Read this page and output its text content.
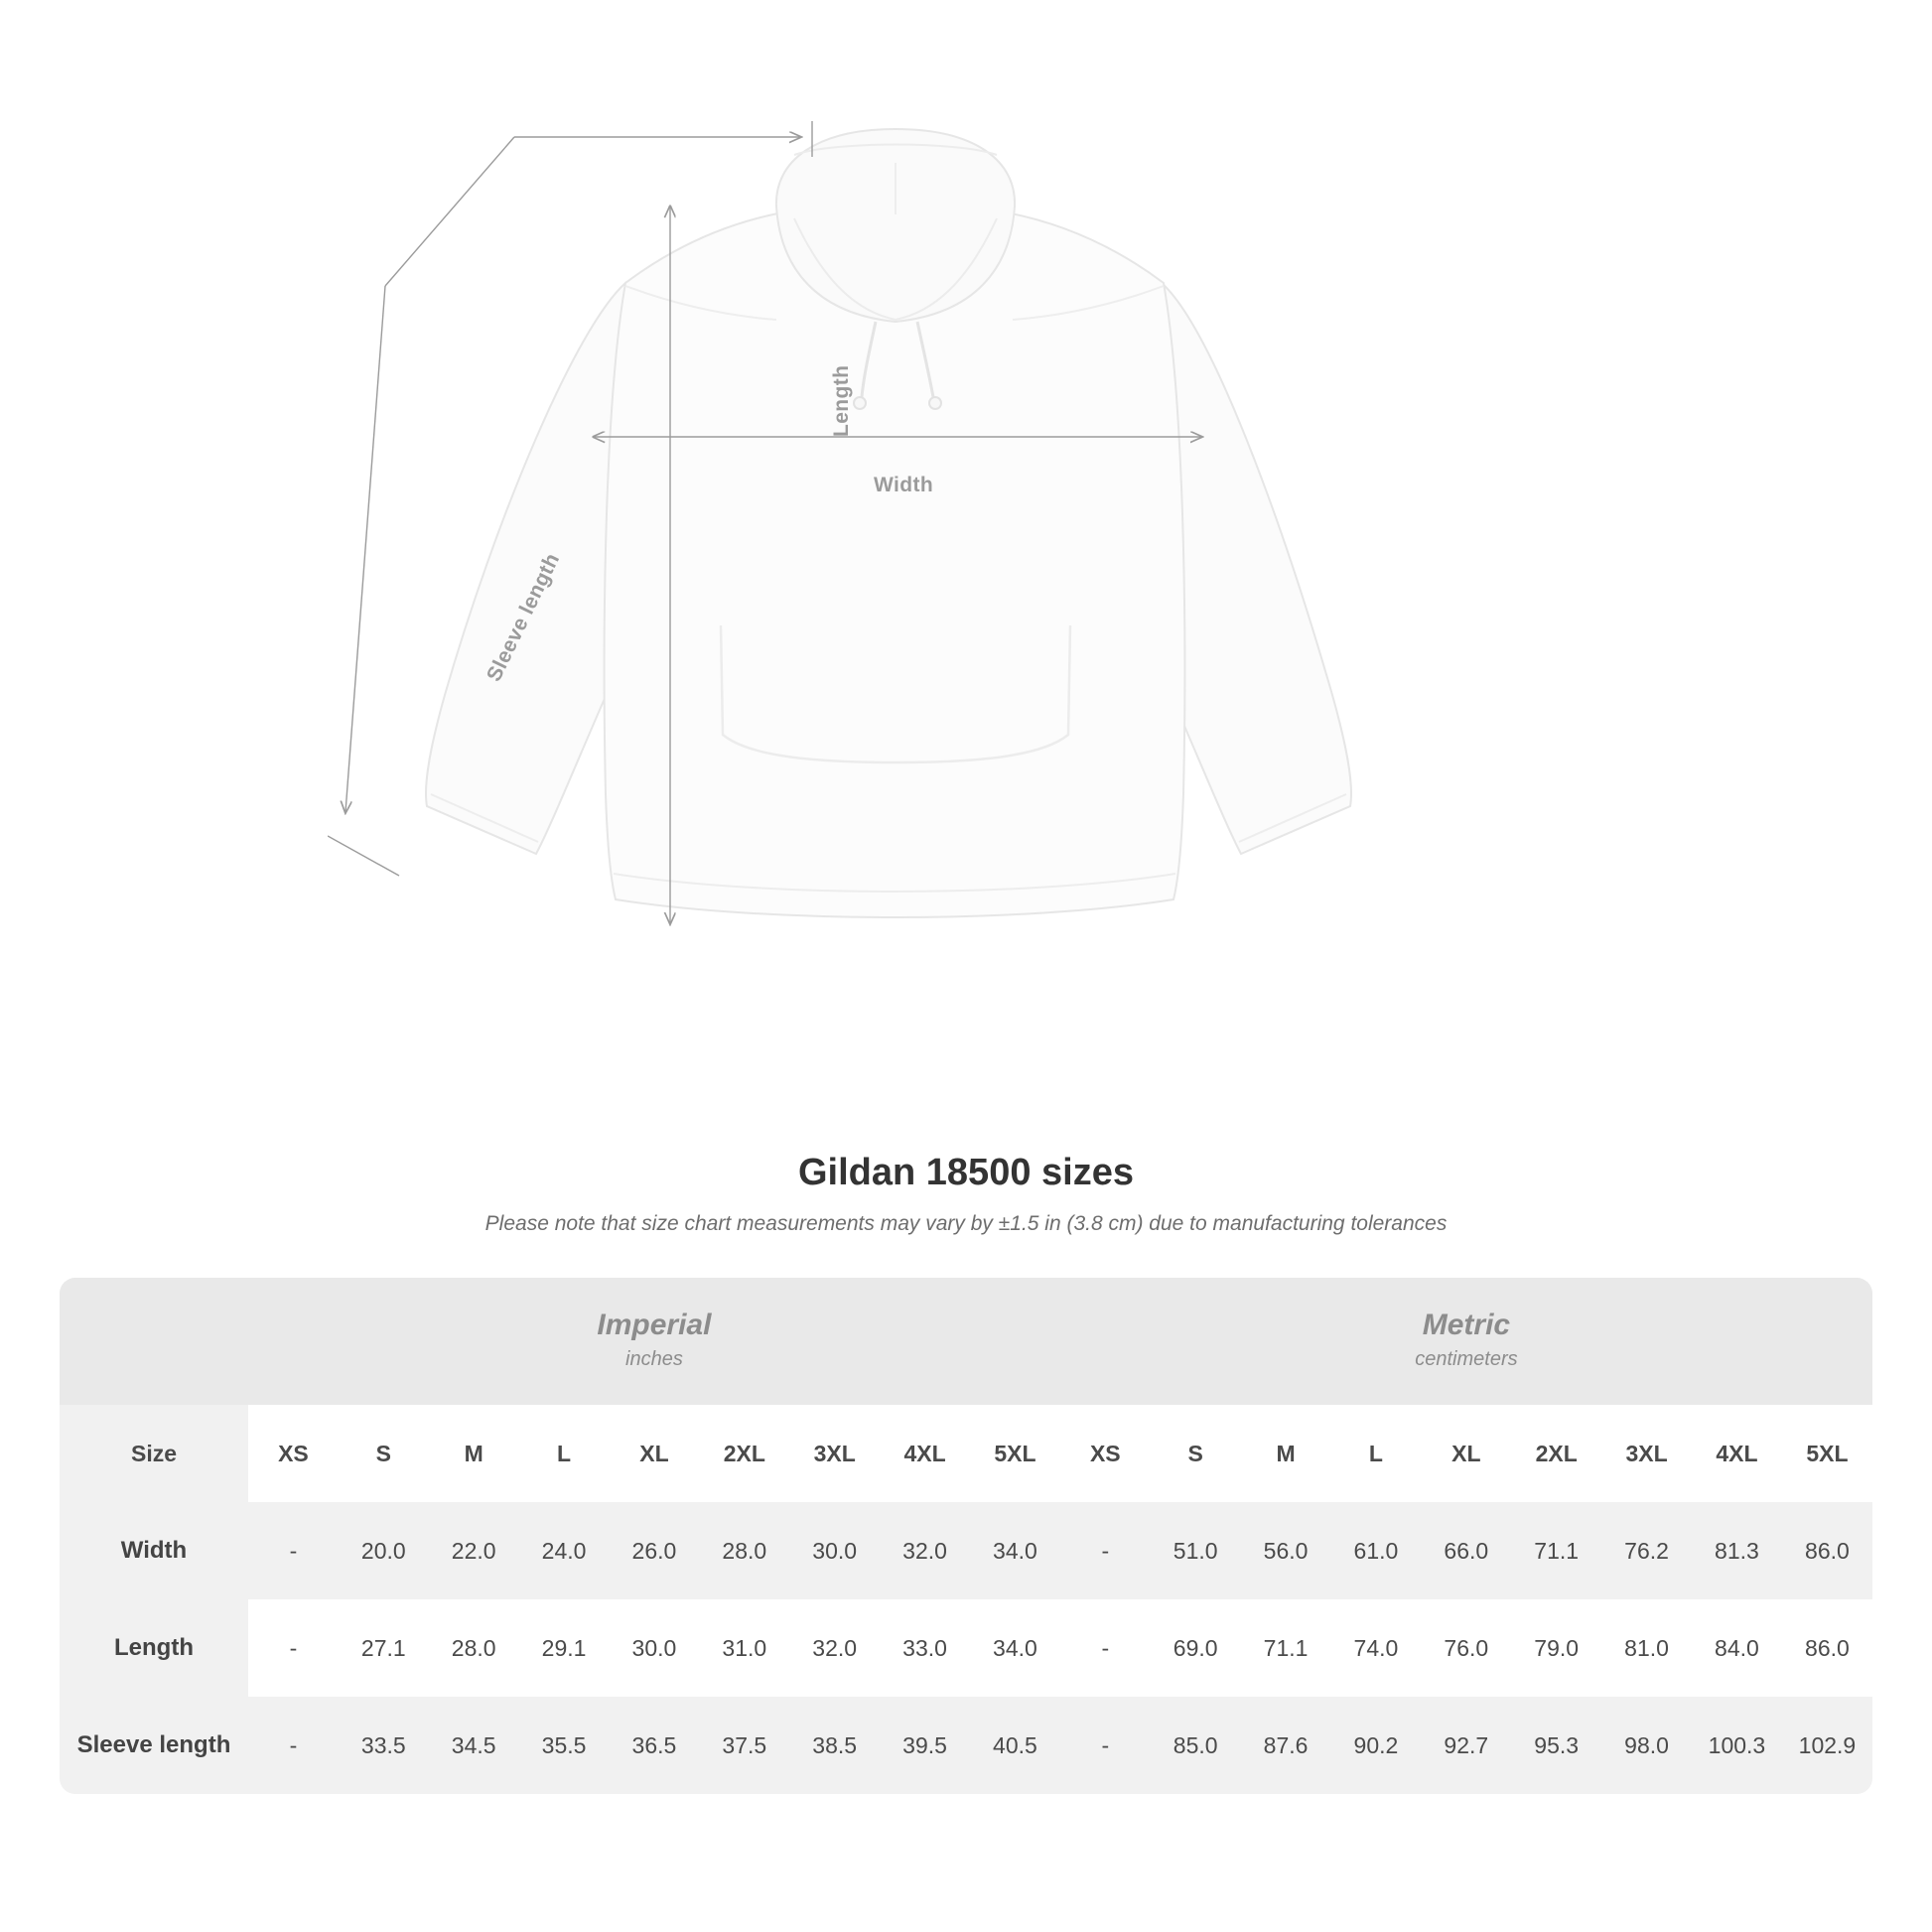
Length
Width
Sleeve length
Gildan 18500 sizes

Please note that size chart measurements may vary by ±1.5 in (3.8 cm) due to manufacturing tolerances

Imperial
inches

Metric
centimeters

Size	XS	S	M	L	XL	2XL	3XL	4XL	5XL	XS	S	M	L	XL	2XL	3XL	4XL	5XL
Width	-	20.0	22.0	24.0	26.0	28.0	30.0	32.0	34.0	-	51.0	56.0	61.0	66.0	71.1	76.2	81.3	86.0
Length	-	27.1	28.0	29.1	30.0	31.0	32.0	33.0	34.0	-	69.0	71.1	74.0	76.0	79.0	81.0	84.0	86.0
Sleeve length	-	33.5	34.5	35.5	36.5	37.5	38.5	39.5	40.5	-	85.0	87.6	90.2	92.7	95.3	98.0	100.3	102.9
